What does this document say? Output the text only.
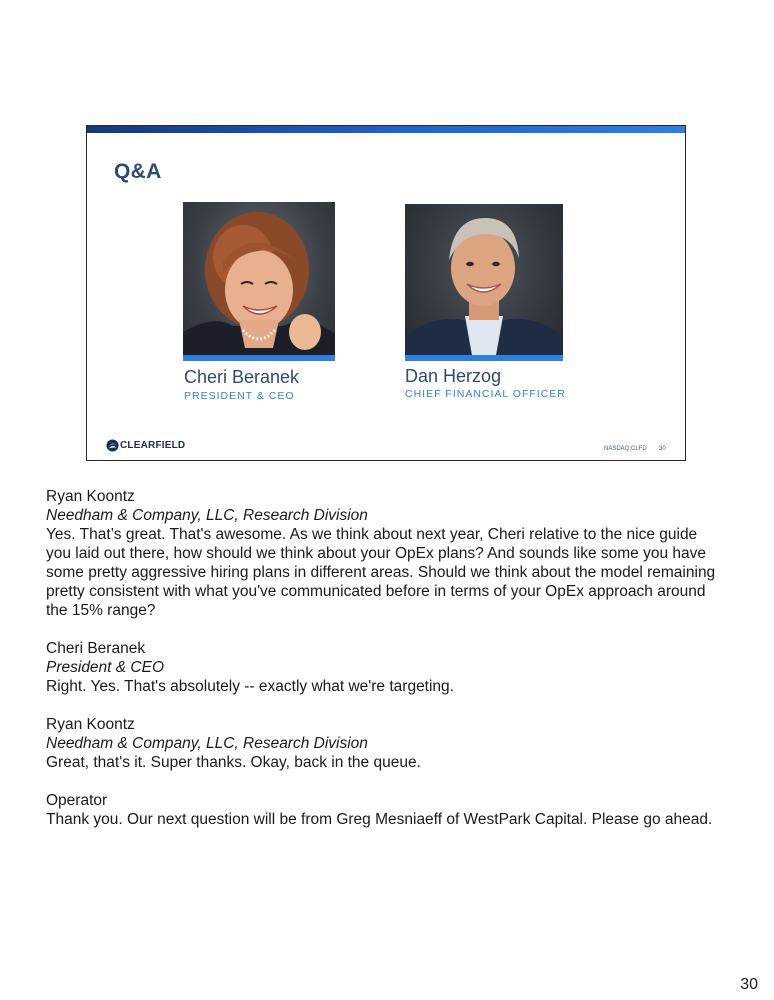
Q&A
Cheri Beranek
PRESIDENT & CEO
Dan Herzog
CHIEF FINANCIAL OFFICER
CLEARFIELD	NASDAQ:CLFD 30
Ryan Koontz
Needham & Company, LLC, Research Division
Yes. That’s great. That's awesome. As we think about next year, Cheri relative to the nice guide you laid out there, how should we think about your OpEx plans? And sounds like some you have some pretty aggressive hiring plans in different areas. Should we think about the model remaining pretty consistent with what you've communicated before in terms of your OpEx approach around the 15% range?
Cheri Beranek
President & CEO
Right. Yes. That's absolutely -- exactly what we're targeting.
Ryan Koontz
Needham & Company, LLC, Research Division
Great, that's it. Super thanks. Okay, back in the queue.
Operator
Thank you. Our next question will be from Greg Mesniaeff of WestPark Capital. Please go ahead.
30
